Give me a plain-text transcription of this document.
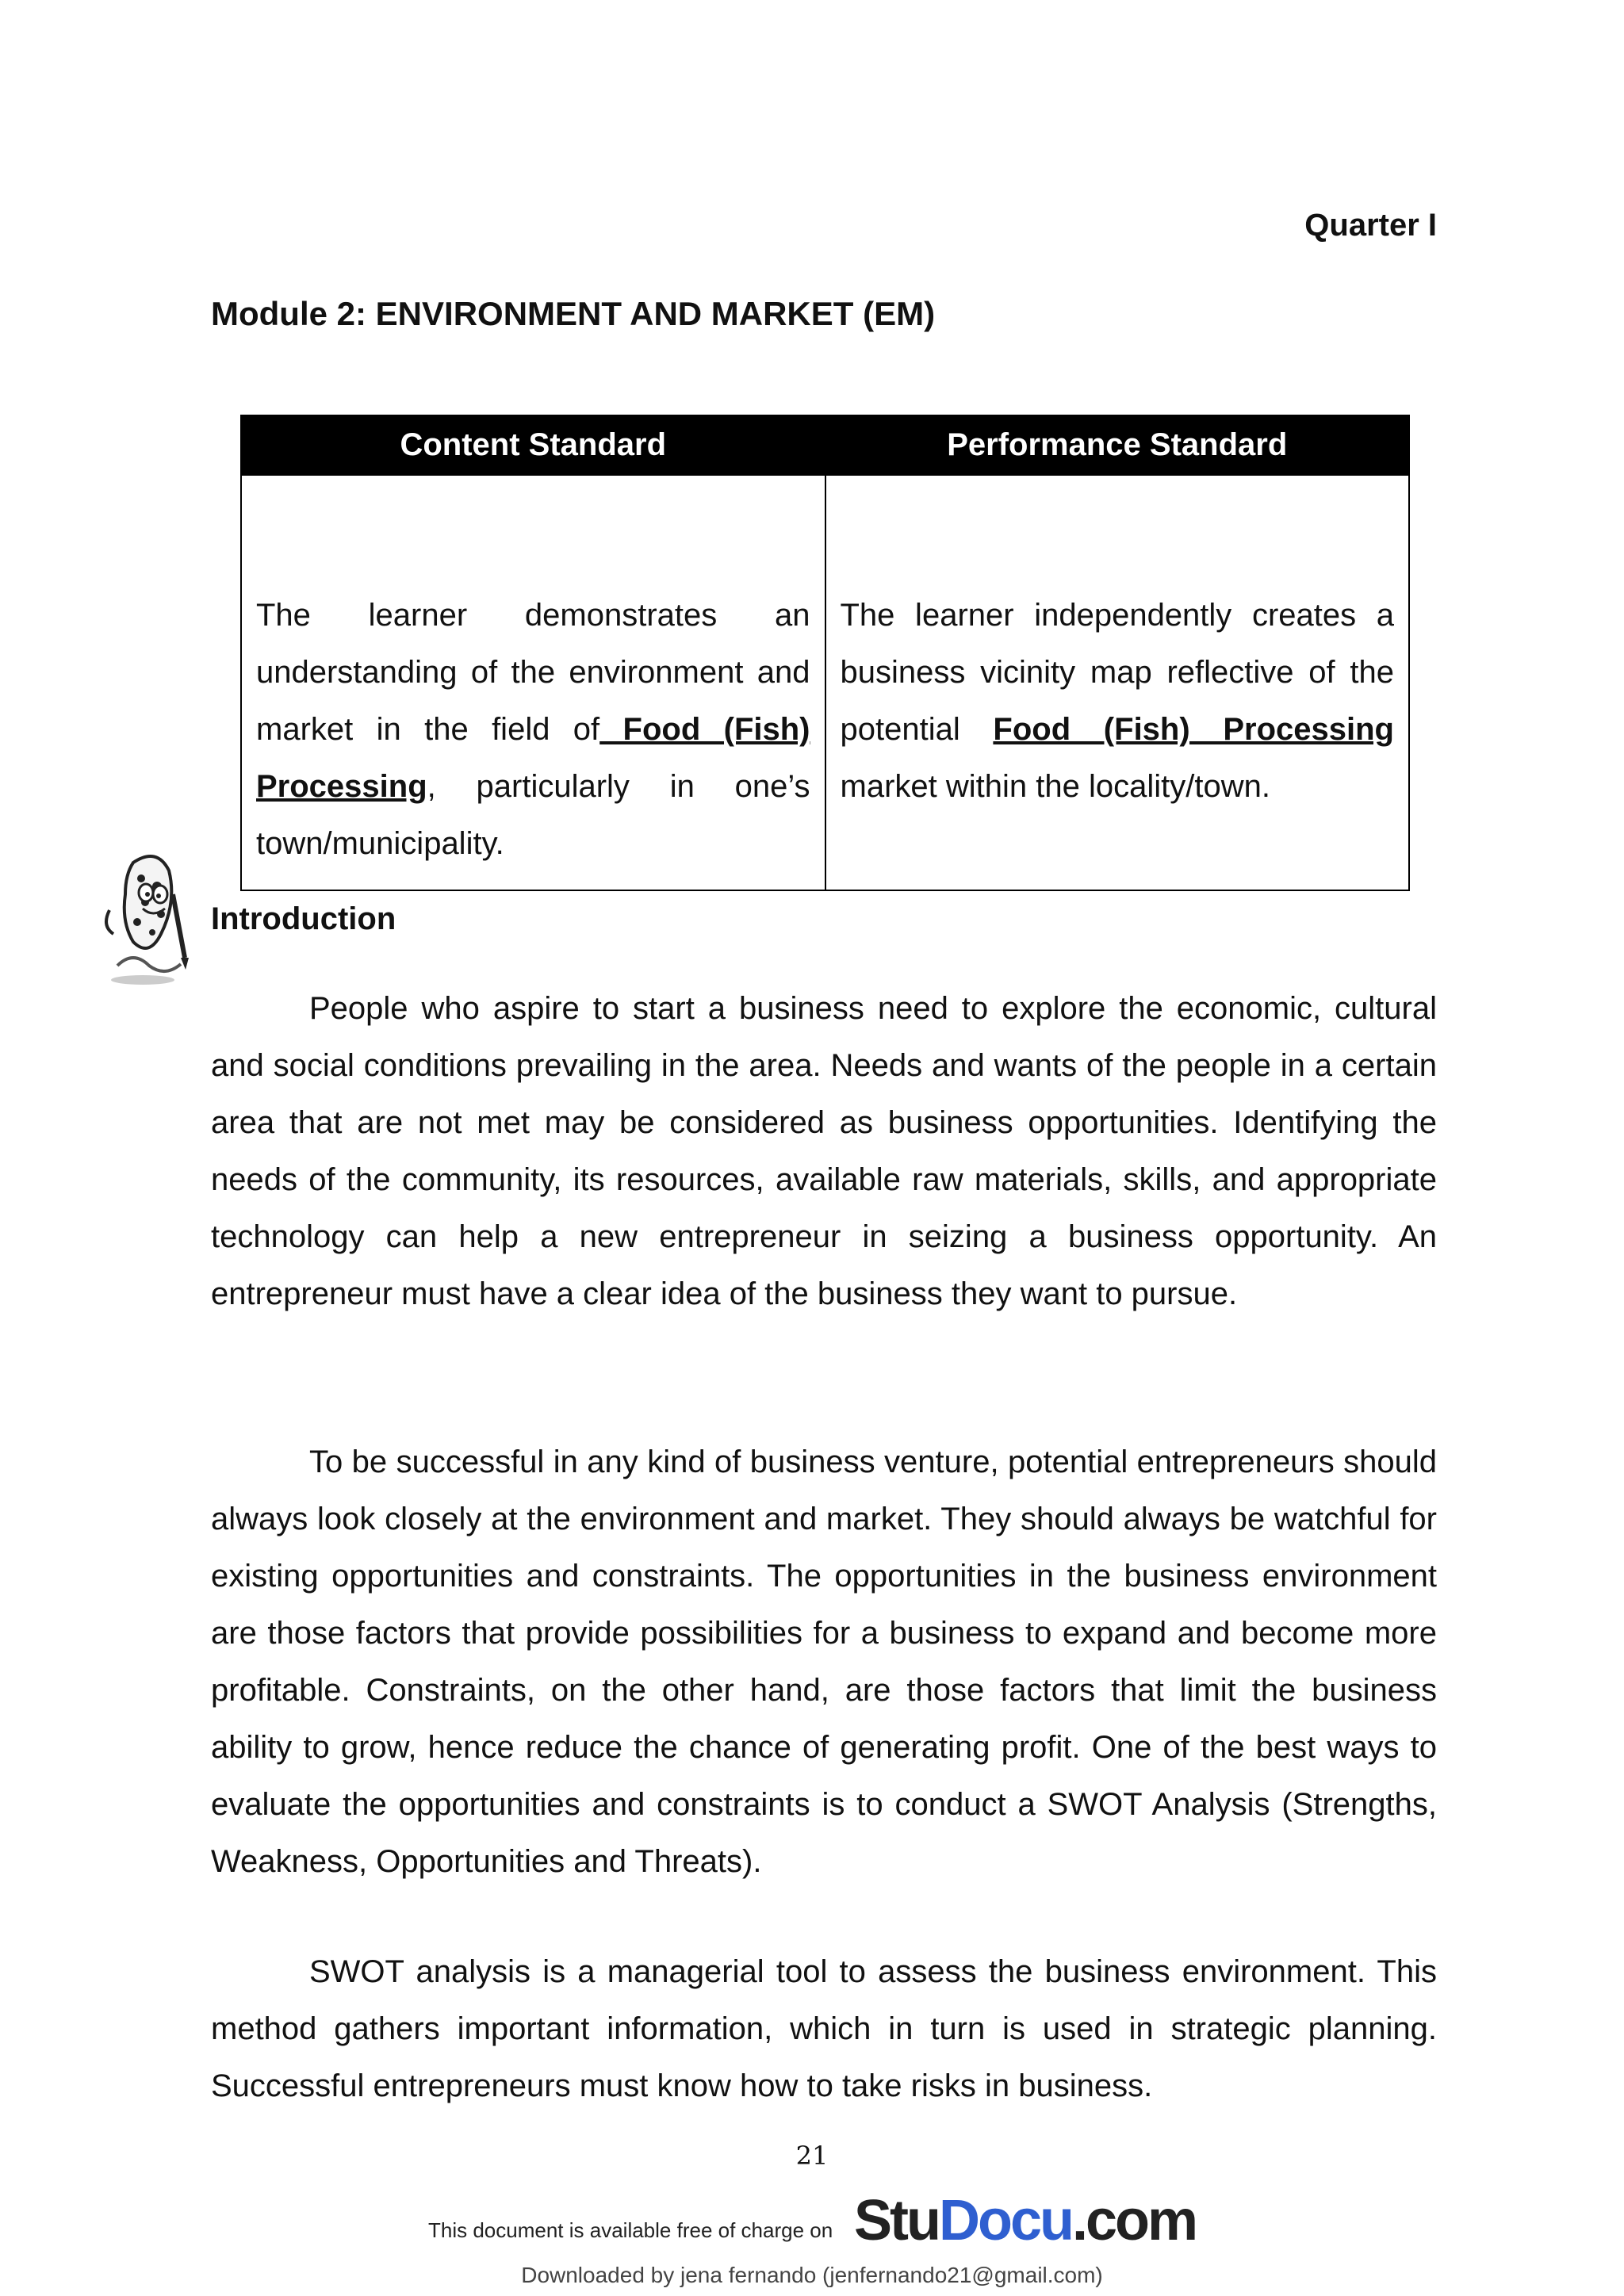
Quarter I
Module 2: ENVIRONMENT AND MARKET (EM)
Content Standard	Performance Standard
The learner demonstrates an understanding of the environment and market in the field of Food (Fish) Processing, particularly in one’s town/municipality.	The learner independently creates a business vicinity map reflective of the potential Food (Fish) Processing market within the locality/town.
Introduction

People who aspire to start a business need to explore the economic, cultural and social conditions prevailing in the area. Needs and wants of the people in a certain area that are not met may be considered as business opportunities. Identifying the needs of the community, its resources, available raw materials, skills, and appropriate technology can help a new entrepreneur in seizing a business opportunity. An entrepreneur must have a clear idea of the business they want to pursue.

To be successful in any kind of business venture, potential entrepreneurs should always look closely at the environment and market. They should always be watchful for existing opportunities and constraints. The opportunities in the business environment are those factors that provide possibilities for a business to expand and become more profitable. Constraints, on the other hand, are those factors that limit the business ability to grow, hence reduce the chance of generating profit. One of the best ways to evaluate the opportunities and constraints is to conduct a SWOT Analysis (Strengths, Weakness, Opportunities and Threats).

SWOT analysis is a managerial tool to assess the business environment. This method gathers important information, which in turn is used in strategic planning. Successful entrepreneurs must know how to take risks in business.

21
This document is available free of charge on StuDocu.com
Downloaded by jena fernando (jenfernando21@gmail.com)
